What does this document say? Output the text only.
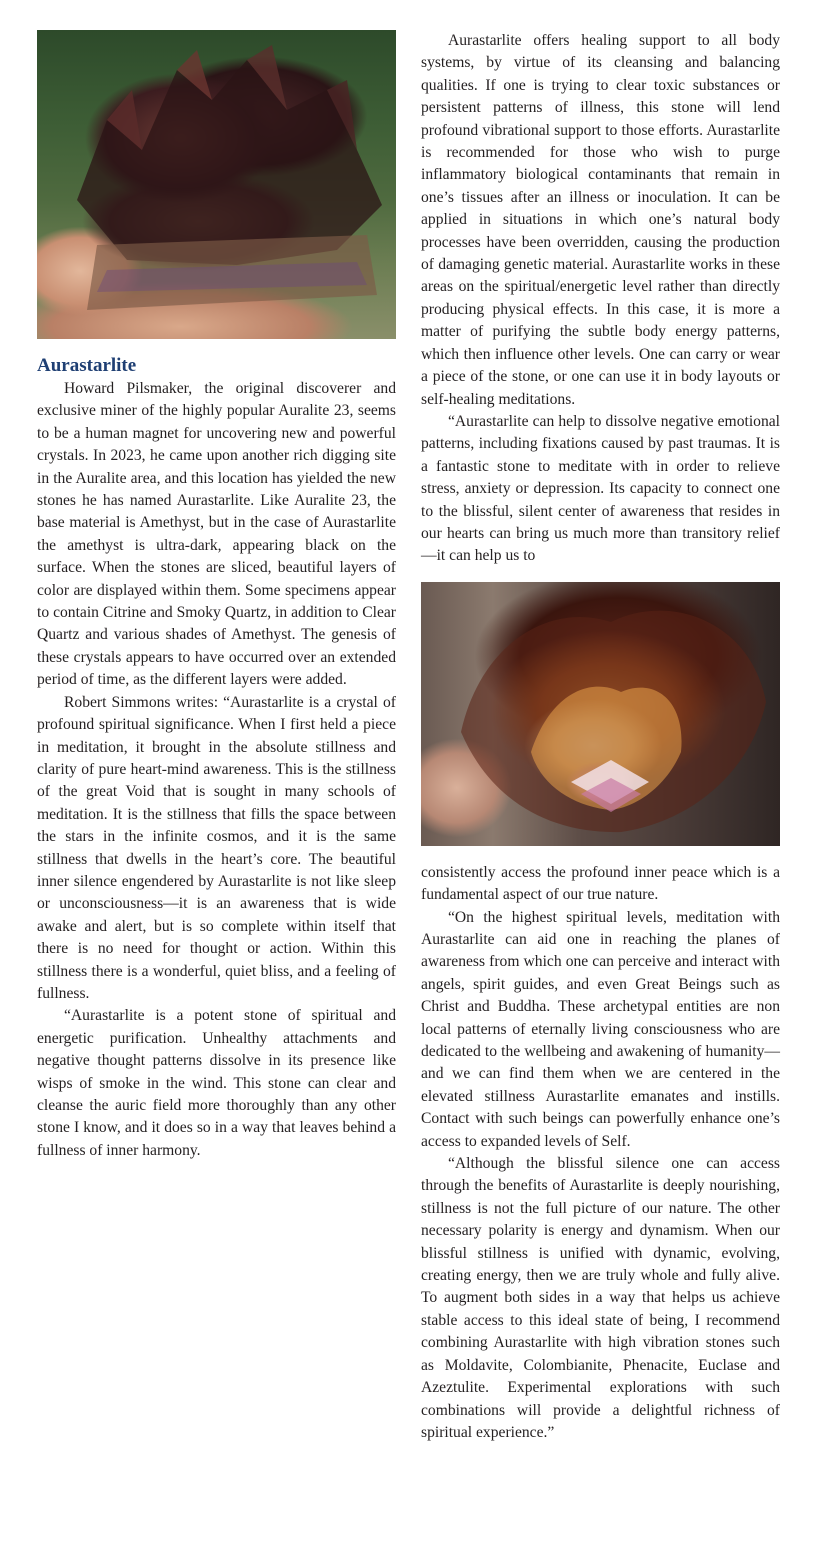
Aurastarlite

Howard Pilsmaker, the original discoverer and exclusive miner of the highly popular Auralite 23, seems to be a human magnet for uncovering new and powerful crystals. In 2023, he came upon another rich digging site in the Auralite area, and this location has yielded the new stones he has named Aurastarlite. Like Auralite 23, the base material is Amethyst, but in the case of Aurastarlite the amethyst is ultra-dark, appearing black on the surface. When the stones are sliced, beautiful layers of color are displayed within them. Some specimens appear to contain Citrine and Smoky Quartz, in addition to Clear Quartz and various shades of Amethyst. The genesis of these crystals appears to have occurred over an extended period of time, as the different layers were added.

Robert Simmons writes: “Aurastarlite is a crystal of profound spiritual significance. When I first held a piece in meditation, it brought in the absolute stillness and clarity of pure heart-mind awareness. This is the stillness of the great Void that is sought in many schools of meditation. It is the stillness that fills the space between the stars in the infinite cosmos, and it is the same stillness that dwells in the heart’s core. The beautiful inner silence engendered by Aurastarlite is not like sleep or unconsciousness—it is an awareness that is wide awake and alert, but is so complete within itself that there is no need for thought or action. Within this stillness there is a wonderful, quiet bliss, and a feeling of fullness.

“Aurastarlite is a potent stone of spiritual and energetic purification. Unhealthy attachments and negative thought patterns dissolve in its presence like wisps of smoke in the wind. This stone can clear and cleanse the auric field more thoroughly than any other stone I know, and it does so in a way that leaves behind a fullness of inner harmony.

Aurastarlite offers healing support to all body systems, by virtue of its cleansing and balancing qualities. If one is trying to clear toxic substances or persistent patterns of illness, this stone will lend profound vibrational support to those efforts. Aurastarlite is recommended for those who wish to purge inflammatory biological contaminants that remain in one’s tissues after an illness or inoculation. It can be applied in situations in which one’s natural body processes have been overridden, causing the production of damaging genetic material. Aurastarlite works in these areas on the spiritual/energetic level rather than directly producing physical effects. In this case, it is more a matter of purifying the subtle body energy patterns, which then influence other levels. One can carry or wear a piece of the stone, or one can use it in body layouts or self-healing meditations.

“Aurastarlite can help to dissolve negative emotional patterns, including fixations caused by past traumas. It is a fantastic stone to meditate with in order to relieve stress, anxiety or depression. Its capacity to connect one to the blissful, silent center of awareness that resides in our hearts can bring us much more than transitory relief—it can help us to

consistently access the profound inner peace which is a fundamental aspect of our true nature.

“On the highest spiritual levels, meditation with Aurastarlite can aid one in reaching the planes of awareness from which one can perceive and interact with angels, spirit guides, and even Great Beings such as Christ and Buddha. These archetypal entities are non local patterns of eternally living consciousness who are dedicated to the wellbeing and awakening of humanity—and we can find them when we are centered in the elevated stillness Aurastarlite emanates and instills. Contact with such beings can powerfully enhance one’s access to expanded levels of Self.

“Although the blissful silence one can access through the benefits of Aurastarlite is deeply nourishing, stillness is not the full picture of our nature. The other necessary polarity is energy and dynamism. When our blissful stillness is unified with dynamic, evolving, creating energy, then we are truly whole and fully alive. To augment both sides in a way that helps us achieve stable access to this ideal state of being, I recommend combining Aurastarlite with high vibration stones such as Moldavite, Colombianite, Phenacite, Euclase and Azeztulite. Experimental explorations with such combinations will provide a delightful richness of spiritual experience.”
